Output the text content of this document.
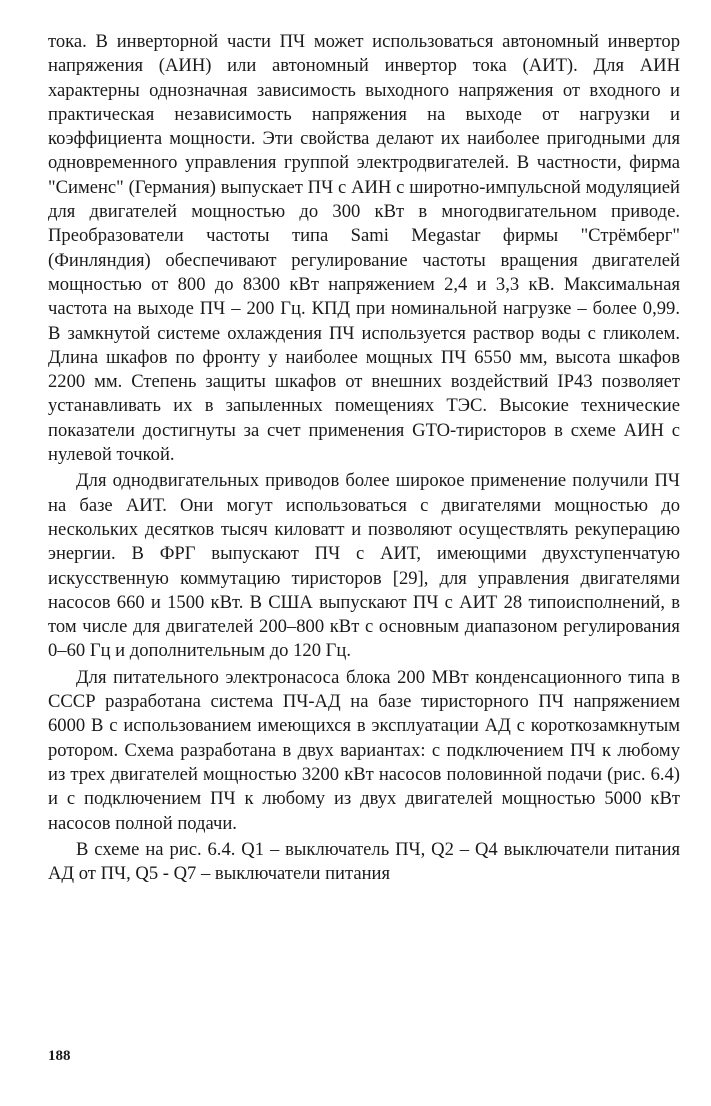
тока. В инверторной части ПЧ может использоваться автономный инвертор напряжения (АИН) или автономный инвертор тока (АИТ). Для АИН характерны однозначная зависимость выходного напряжения от входного и практическая независимость напряжения на выходе от нагрузки и коэффициента мощности. Эти свойства делают их наиболее пригодными для одновременного управления группой электродвигателей. В частности, фирма "Сименс" (Германия) выпускает ПЧ с АИН с широтно-импульсной модуляцией для двигателей мощностью до 300 кВт в многодвигательном приводе. Преобразователи частоты типа Sami Megastar фирмы "Стрёмберг" (Финляндия) обеспечивают регулирование частоты вращения двигателей мощностью от 800 до 8300 кВт напряжением 2,4 и 3,3 кВ. Максимальная частота на выходе ПЧ – 200 Гц. КПД при номинальной нагрузке – более 0,99. В замкнутой системе охлаждения ПЧ используется раствор воды с гликолем. Длина шкафов по фронту у наиболее мощных ПЧ 6550 мм, высота шкафов 2200 мм. Степень защиты шкафов от внешних воздействий IP43 позволяет устанавливать их в запыленных помещениях ТЭС. Высокие технические показатели достигнуты за счет применения GTO-тиристоров в схеме АИН с нулевой точкой.

Для однодвигательных приводов более широкое применение получили ПЧ на базе АИТ. Они могут использоваться с двигателями мощностью до нескольких десятков тысяч киловатт и позволяют осуществлять рекуперацию энергии. В ФРГ выпускают ПЧ с АИТ, имеющими двухступенчатую искусственную коммутацию тиристоров [29], для управления двигателями насосов 660 и 1500 кВт. В США выпускают ПЧ с АИТ 28 типоисполнений, в том числе для двигателей 200–800 кВт с основным диапазоном регулирования 0–60 Гц и дополнительным до 120 Гц.

Для питательного электронасоса блока 200 МВт конденсационного типа в СССР разработана система ПЧ-АД на базе тиристорного ПЧ напряжением 6000 В с использованием имеющихся в эксплуатации АД с короткозамкнутым ротором. Схема разработана в двух вариантах: с подключением ПЧ к любому из трех двигателей мощностью 3200 кВт насосов половинной подачи (рис. 6.4) и с подключением ПЧ к любому из двух двигателей мощностью 5000 кВт насосов полной подачи.

В схеме на рис. 6.4. Q1 – выключатель ПЧ, Q2 – Q4 выключатели питания АД от ПЧ, Q5 - Q7 – выключатели питания

188
